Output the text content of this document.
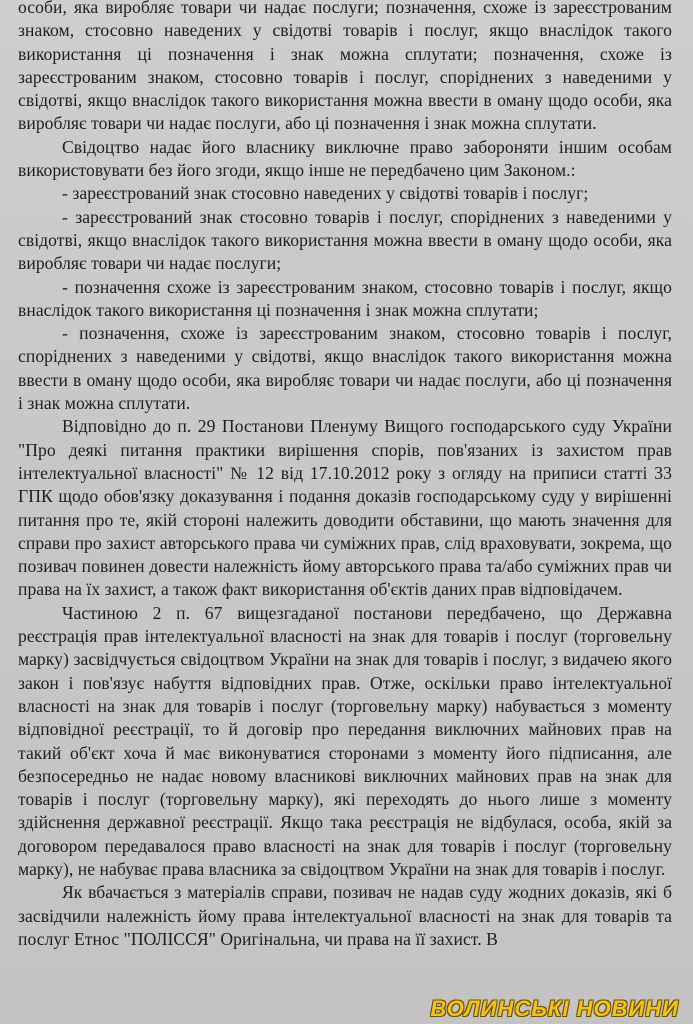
особи, яка виробляє товари чи надає послуги; позначення, схоже із зареєстрованим знаком, стосовно наведених у свідотві товарів і послуг, якщо внаслідок такого використання ці позначення і знак можна сплутати; позначення, схоже із зареєстрованим знаком, стосовно товарів і послуг, споріднених з наведеними у свідотві, якщо внаслідок такого використання можна ввести в оману щодо особи, яка виробляє товари чи надає послуги, або ці позначення і знак можна сплутати.

Свідоцтво надає його власнику виключне право забороняти іншим особам використовувати без його згоди, якщо інше не передбачено цим Законом.:

- зареєстрований знак стосовно наведених у свідотві товарів і послуг;

- зареєстрований знак стосовно товарів і послуг, споріднених з наведеними у свідотві, якщо внаслідок такого використання можна ввести в оману щодо особи, яка виробляє товари чи надає послуги;

- позначення схоже із зареєстрованим знаком, стосовно товарів і послуг, якщо внаслідок такого використання ці позначення і знак можна сплутати;

- позначення, схоже із зареєстрованим знаком, стосовно товарів і послуг, споріднених з наведеними у свідотві, якщо внаслідок такого використання можна ввести в оману щодо особи, яка виробляє товари чи надає послуги, або ці позначення і знак можна сплутати.

Відповідно до п. 29 Постанови Пленуму Вищого господарського суду України "Про деякі питання практики вирішення спорів, пов'язаних із захистом прав інтелектуальної власності" № 12 від 17.10.2012 року з огляду на приписи статті 33 ГПК щодо обов'язку доказування і подання доказів господарському суду у вирішенні питання про те, якій стороні належить доводити обставини, що мають значення для справи про захист авторського права чи суміжних прав, слід враховувати, зокрема, що позивач повинен довести належність йому авторського права та/або суміжних прав чи права на їх захист, а також факт використання об'єктів даних прав відповідачем.

Частиною 2 п. 67 вищезгаданої постанови передбачено, що Державна реєстрація прав інтелектуальної власності на знак для товарів і послуг (торговельну марку) засвідчується свідоцтвом України на знак для товарів і послуг, з видачею якого закон і пов'язує набуття відповідних прав. Отже, оскільки право інтелектуальної власності на знак для товарів і послуг (торговельну марку) набувається з моменту відповідної реєстрації, то й договір про передання виключних майнових прав на такий об'єкт хоча й має виконуватися сторонами з моменту його підписання, але безпосередньо не надає новому власникові виключних майнових прав на знак для товарів і послуг (торговельну марку), які переходять до нього лише з моменту здійснення державної реєстрації. Якщо така реєстрація не відбулася, особа, якій за договором передавалося право власності на знак для товарів і послуг (торговельну марку), не набуває права власника за свідоцтвом України на знак для товарів і послуг.

Як вбачається з матеріалів справи, позивач не надав суду жодних доказів, які б засвідчили належність йому права інтелектуальної власності на знак для товарів та послуг Етнос "ПОЛІССЯ" Оригінальна, чи права на її захист. В

ВОЛИНСЬКІ НОВИНИ
